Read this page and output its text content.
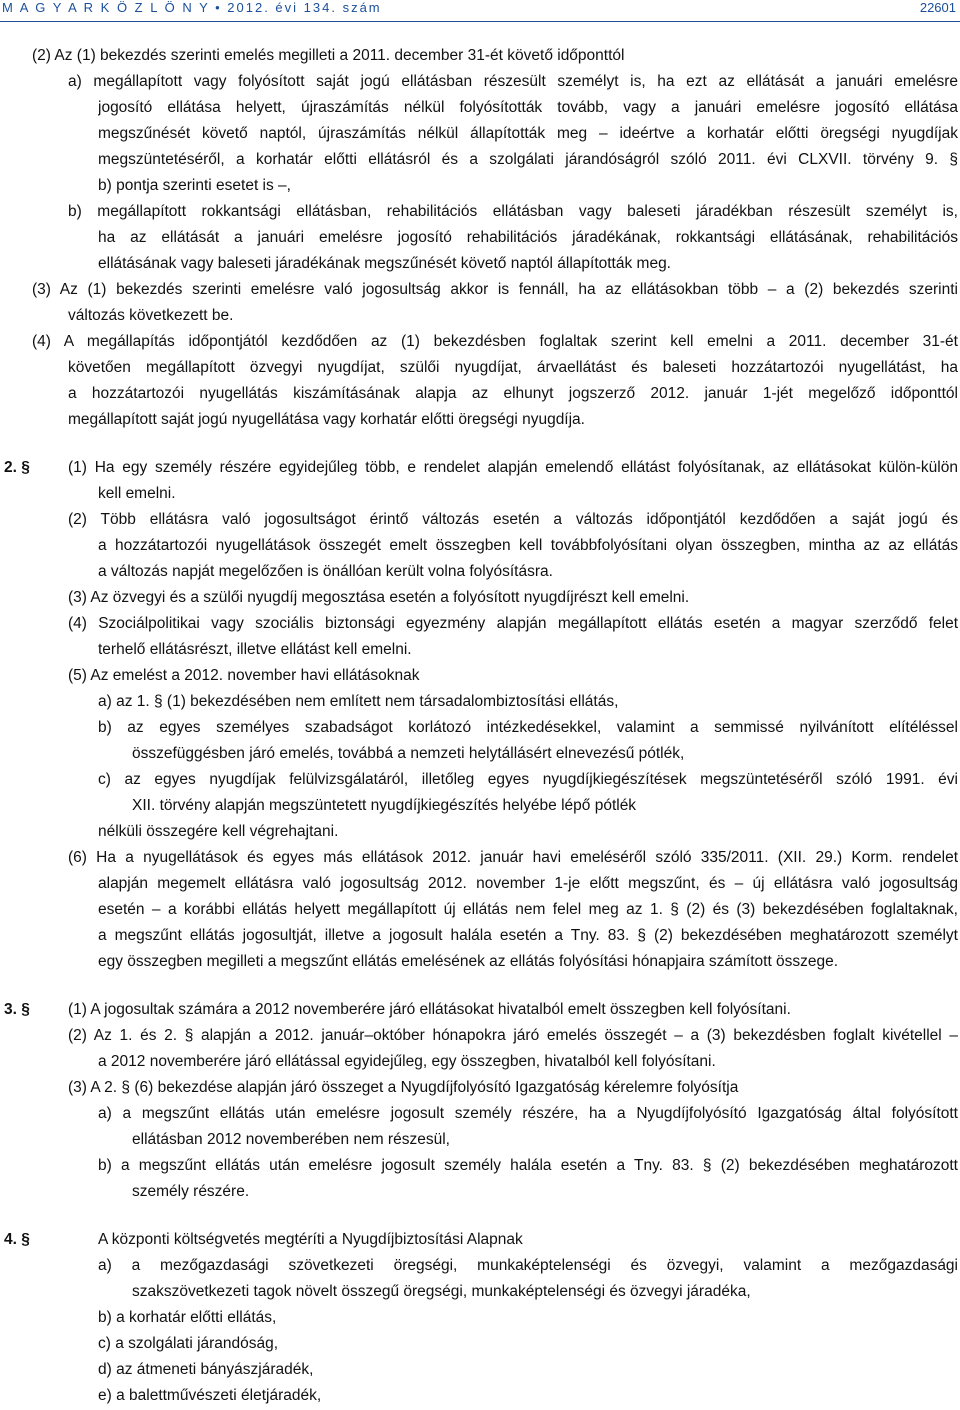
M A G Y A R K Ö Z L Ö N Y • 2012. évi 134. szám	22601
(2) Az (1) bekezdés szerinti emelés megilleti a 2011. december 31-ét követő időponttól
a) megállapított vagy folyósított saját jogú ellátásban részesült személyt is, ha ezt az ellátását a januári emelésre
jogosító ellátása helyett, újraszámítás nélkül folyósították tovább, vagy a januári emelésre jogosító ellátása
megszűnését követő naptól, újraszámítás nélkül állapították meg – ideértve a korhatár előtti öregségi nyugdíjak
megszüntetéséről, a korhatár előtti ellátásról és a szolgálati járandóságról szóló 2011. évi CLXVII. törvény 9. §
b) pontja szerinti esetet is –,
b) megállapított rokkantsági ellátásban, rehabilitációs ellátásban vagy baleseti járadékban részesült személyt is,
ha az ellátását a januári emelésre jogosító rehabilitációs járadékának, rokkantsági ellátásának, rehabilitációs
ellátásának vagy baleseti járadékának megszűnését követő naptól állapították meg.
(3) Az (1) bekezdés szerinti emelésre való jogosultság akkor is fennáll, ha az ellátásokban több – a (2) bekezdés szerinti
változás következett be.
(4) A megállapítás időpontjától kezdődően az (1) bekezdésben foglaltak szerint kell emelni a 2011. december 31-ét
követően megállapított özvegyi nyugdíjat, szülői nyugdíjat, árvaellátást és baleseti hozzátartozói nyugellátást, ha
a hozzátartozói nyugellátás kiszámításának alapja az elhunyt jogszerző 2012. január 1-jét megelőző időponttól
megállapított saját jogú nyugellátása vagy korhatár előtti öregségi nyugdíja.
2. §	(1) Ha egy személy részére egyidejűleg több, e rendelet alapján emelendő ellátást folyósítanak, az ellátásokat külön-külön
kell emelni.
(2) Több ellátásra való jogosultságot érintő változás esetén a változás időpontjától kezdődően a saját jogú és
a hozzátartozói nyugellátások összegét emelt összegben kell továbbfolyósítani olyan összegben, mintha az az ellátás
a változás napját megelőzően is önállóan került volna folyósításra.
(3) Az özvegyi és a szülői nyugdíj megosztása esetén a folyósított nyugdíjrészt kell emelni.
(4) Szociálpolitikai vagy szociális biztonsági egyezmény alapján megállapított ellátás esetén a magyar szerződő felet
terhelő ellátásrészt, illetve ellátást kell emelni.
(5) Az emelést a 2012. november havi ellátásoknak
a) az 1. § (1) bekezdésében nem említett nem társadalombiztosítási ellátás,
b) az egyes személyes szabadságot korlátozó intézkedésekkel, valamint a semmissé nyilvánított elítéléssel
összefüggésben járó emelés, továbbá a nemzeti helytállásért elnevezésű pótlék,
c) az egyes nyugdíjak felülvizsgálatáról, illetőleg egyes nyugdíjkiegészítések megszüntetéséről szóló 1991. évi
XII. törvény alapján megszüntetett nyugdíjkiegészítés helyébe lépő pótlék
nélküli összegére kell végrehajtani.
(6) Ha a nyugellátások és egyes más ellátások 2012. január havi emeléséről szóló 335/2011. (XII. 29.) Korm. rendelet
alapján megemelt ellátásra való jogosultság 2012. november 1-je előtt megszűnt, és – új ellátásra való jogosultság
esetén – a korábbi ellátás helyett megállapított új ellátás nem felel meg az 1. § (2) és (3) bekezdésében foglaltaknak,
a megszűnt ellátás jogosultját, illetve a jogosult halála esetén a Tny. 83. § (2) bekezdésében meghatározott személyt
egy összegben megilleti a megszűnt ellátás emelésének az ellátás folyósítási hónapjaira számított összege.
3. §	(1) A jogosultak számára a 2012 novemberére járó ellátásokat hivatalból emelt összegben kell folyósítani.
(2) Az 1. és 2. § alapján a 2012. január–október hónapokra járó emelés összegét – a (3) bekezdésben foglalt kivétellel –
a 2012 novemberére járó ellátással egyidejűleg, egy összegben, hivatalból kell folyósítani.
(3) A 2. § (6) bekezdése alapján járó összeget a Nyugdíjfolyósító Igazgatóság kérelemre folyósítja
a) a megszűnt ellátás után emelésre jogosult személy részére, ha a Nyugdíjfolyósító Igazgatóság által folyósított
ellátásban 2012 novemberében nem részesül,
b) a megszűnt ellátás után emelésre jogosult személy halála esetén a Tny. 83. § (2) bekezdésében meghatározott
személy részére.
4. §	A központi költségvetés megtéríti a Nyugdíjbiztosítási Alapnak
a) a mezőgazdasági szövetkezeti öregségi, munkaképtelenségi és özvegyi, valamint a mezőgazdasági
szakszövetkezeti tagok növelt összegű öregségi, munkaképtelenségi és özvegyi járadéka,
b) a korhatár előtti ellátás,
c) a szolgálati járandóság,
d) az átmeneti bányászjáradék,
e) a balettművészeti életjáradék,
